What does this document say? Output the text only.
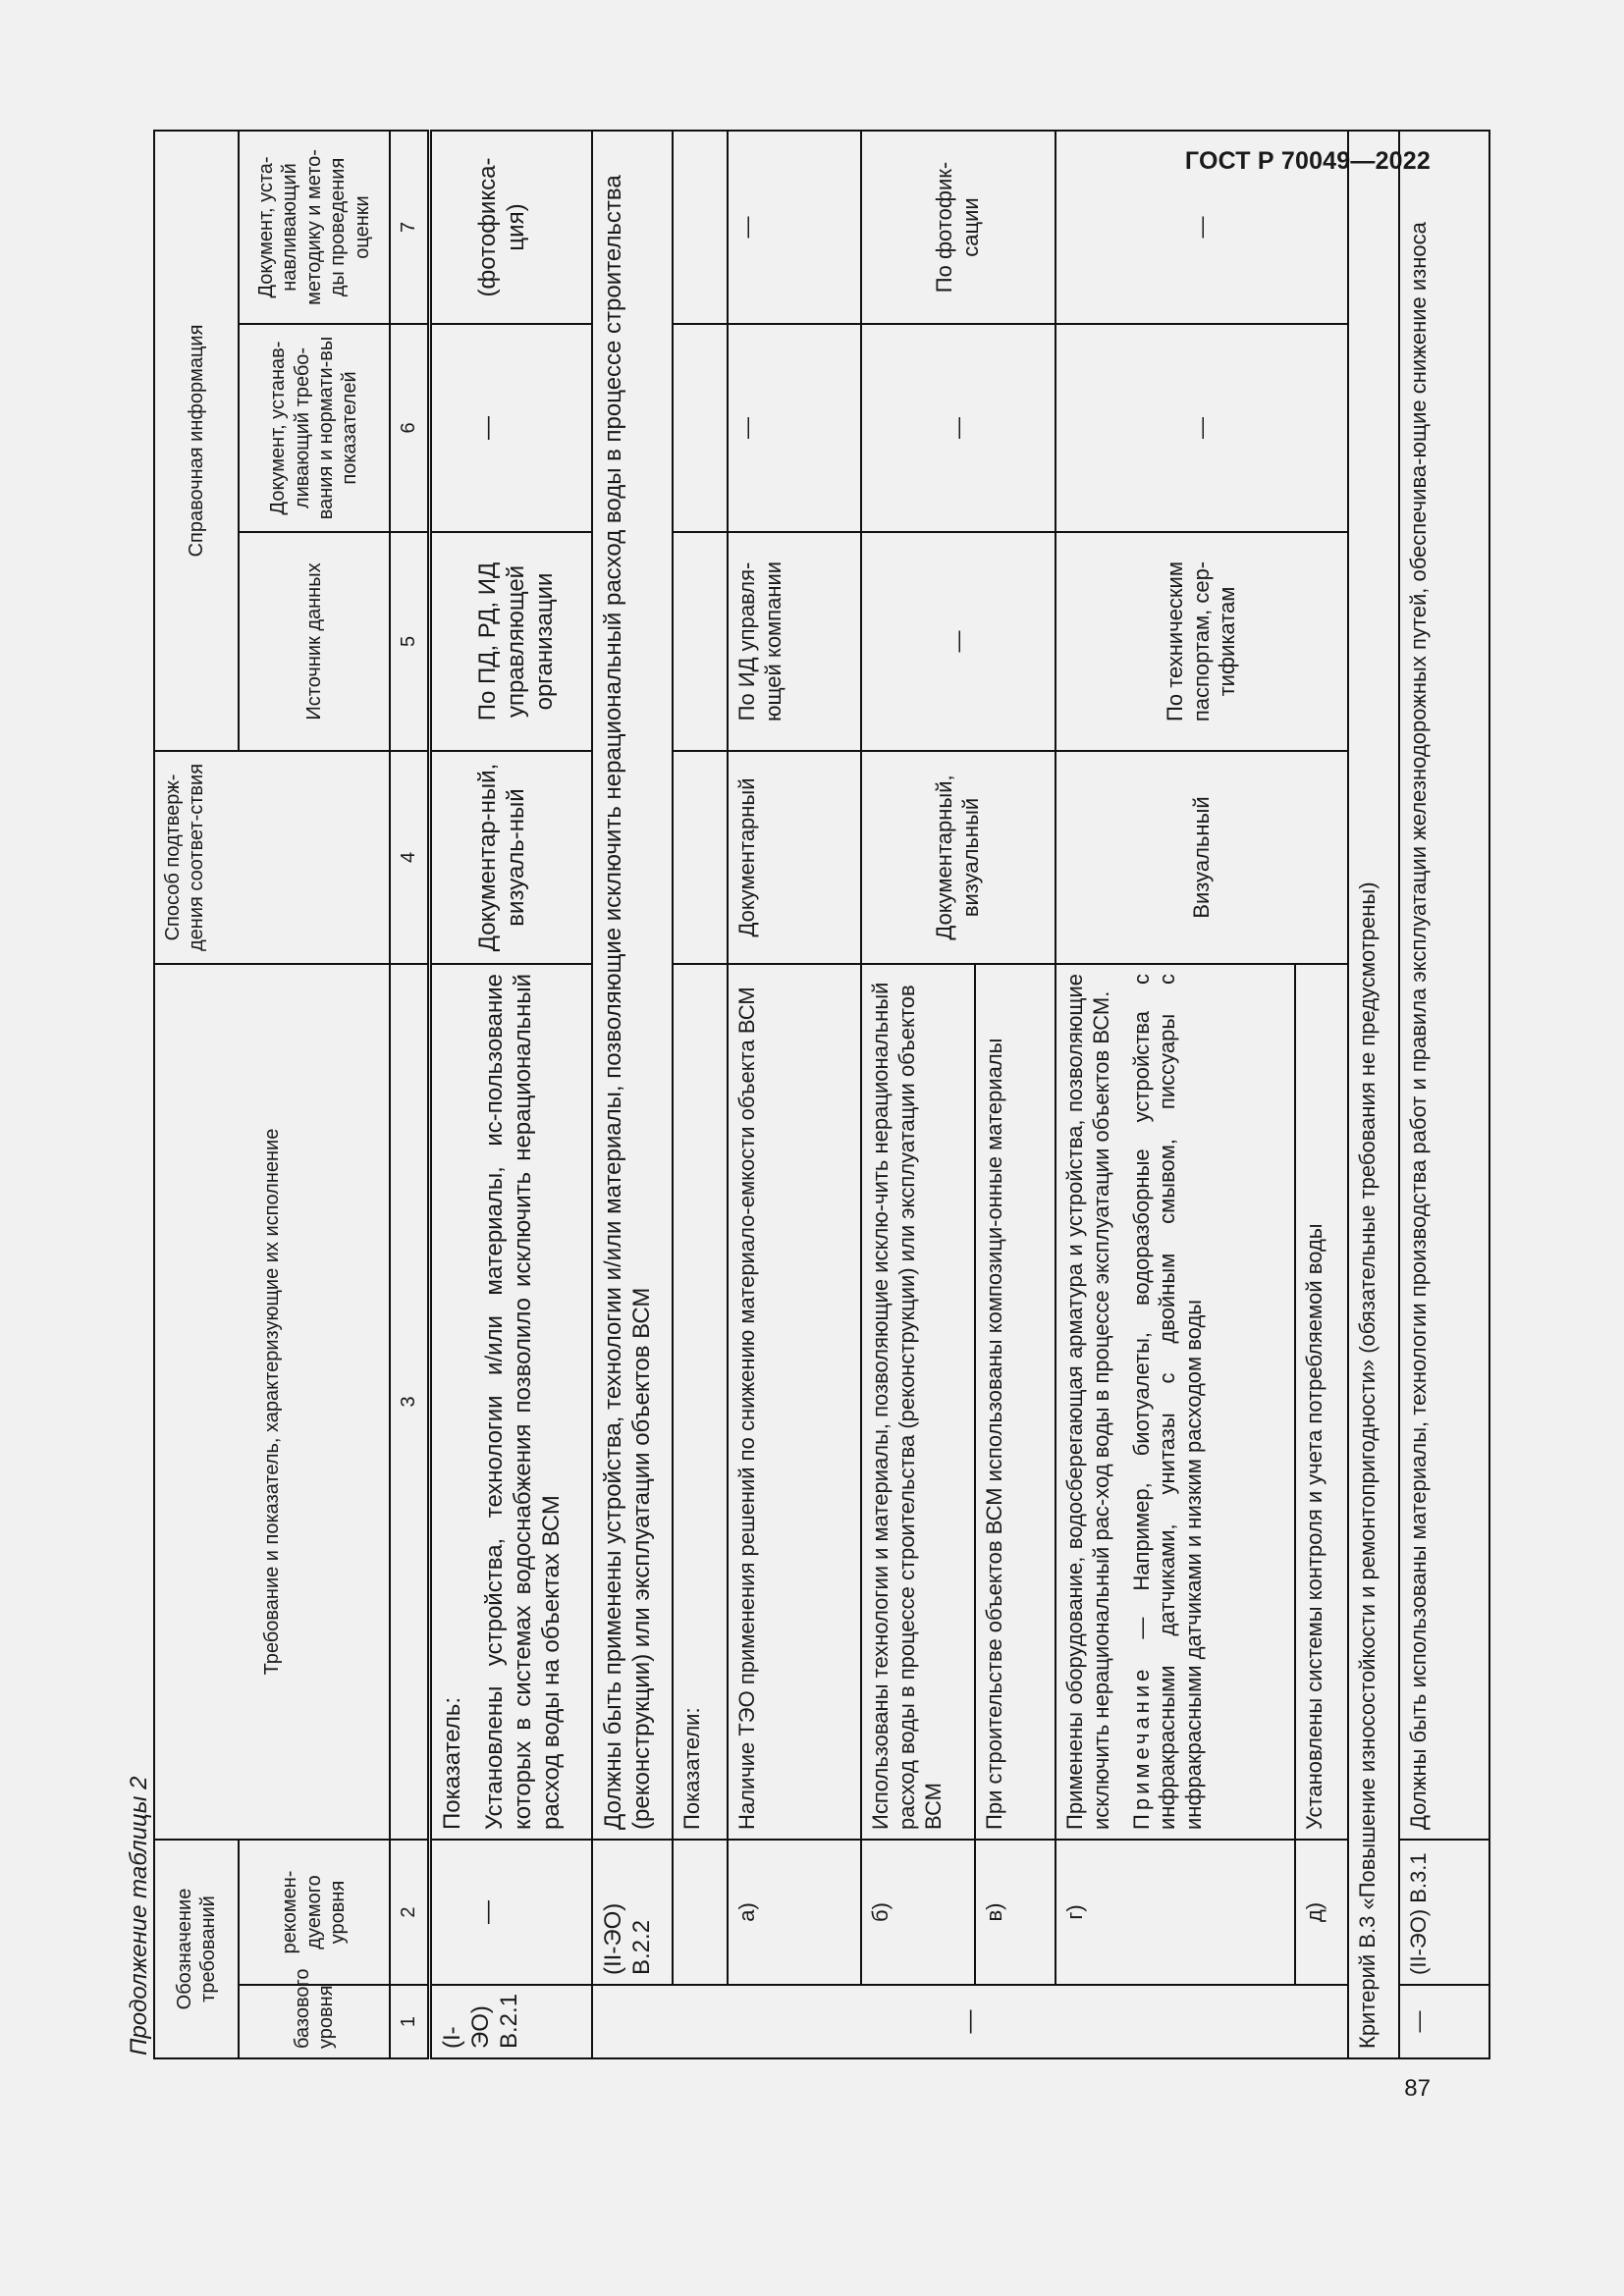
ГОСТ Р 70049—2022
Продолжение таблицы 2 Обозначение требований		Требование и показатель, характеризующие их исполнение	Способ подтверж-дения соответ-ствия	Справочная информация		
базового уровня	рекомен-дуемого уровня			Источник данных	Документ, устанав-ливающий требо-вания и нормати-вы показателей	Документ, уста-навливающий методику и мето-ды проведения оценки
1	2	3	4	5	6	7
(I-ЭО) В.2.1	—	Показатель: Установлены устройства, технологии и/или материалы, ис-пользование которых в системах водоснабжения позволило исключить нерациональный расход воды на объектах ВСМ	Документар-ный, визуаль-ный	По ПД, РД, ИД управляющей организации	—	(фотофикса-ция)
—	(II-ЭО) В.2.2	Должны быть применены устройства, технологии и/или материалы, позволяющие исключить нерациональный расход воды в процессе строительства (реконструкции) или эксплуатации объектов ВСМ				
		Показатели:				
	а)	Наличие ТЭО применения решений по снижению материало-емкости объекта ВСМ	Документарный	По ИД управля-ющей компании	—	—
	б)	Использованы технологии и материалы, позволяющие исклю-чить нерациональный расход воды в процессе строительства (реконструкции) или эксплуатации объектов ВСМ	Документарный, визуальный	—	—	По фотофик-сации
	в)	При строительстве объектов ВСМ использованы композици-онные материалы				
	г)	Применены оборудование, водосберегающая арматура и устройства, позволяющие исключить нерациональный рас-ход воды в процессе эксплуатации объектов ВСМ. Примечание — Например, биотуалеты, водоразборные устройства с инфракрасными датчиками, унитазы с двойным смывом, писсуары с инфракрасными датчиками и низким расходом воды	Визуальный	По техническим паспортам, сер-тификатам	—	—
	д)	Установлены системы контроля и учета потребляемой воды				
Критерий В.3 «Повышение износостойкости и ремонтопригодности» (обязательные требования не предусмотрены)						
—	(II-ЭО) В.3.1	Должны быть использованы материалы, технологии производства работ и правила эксплуатации железнодорожных путей, обеспечива-ющие снижение износа				
87
